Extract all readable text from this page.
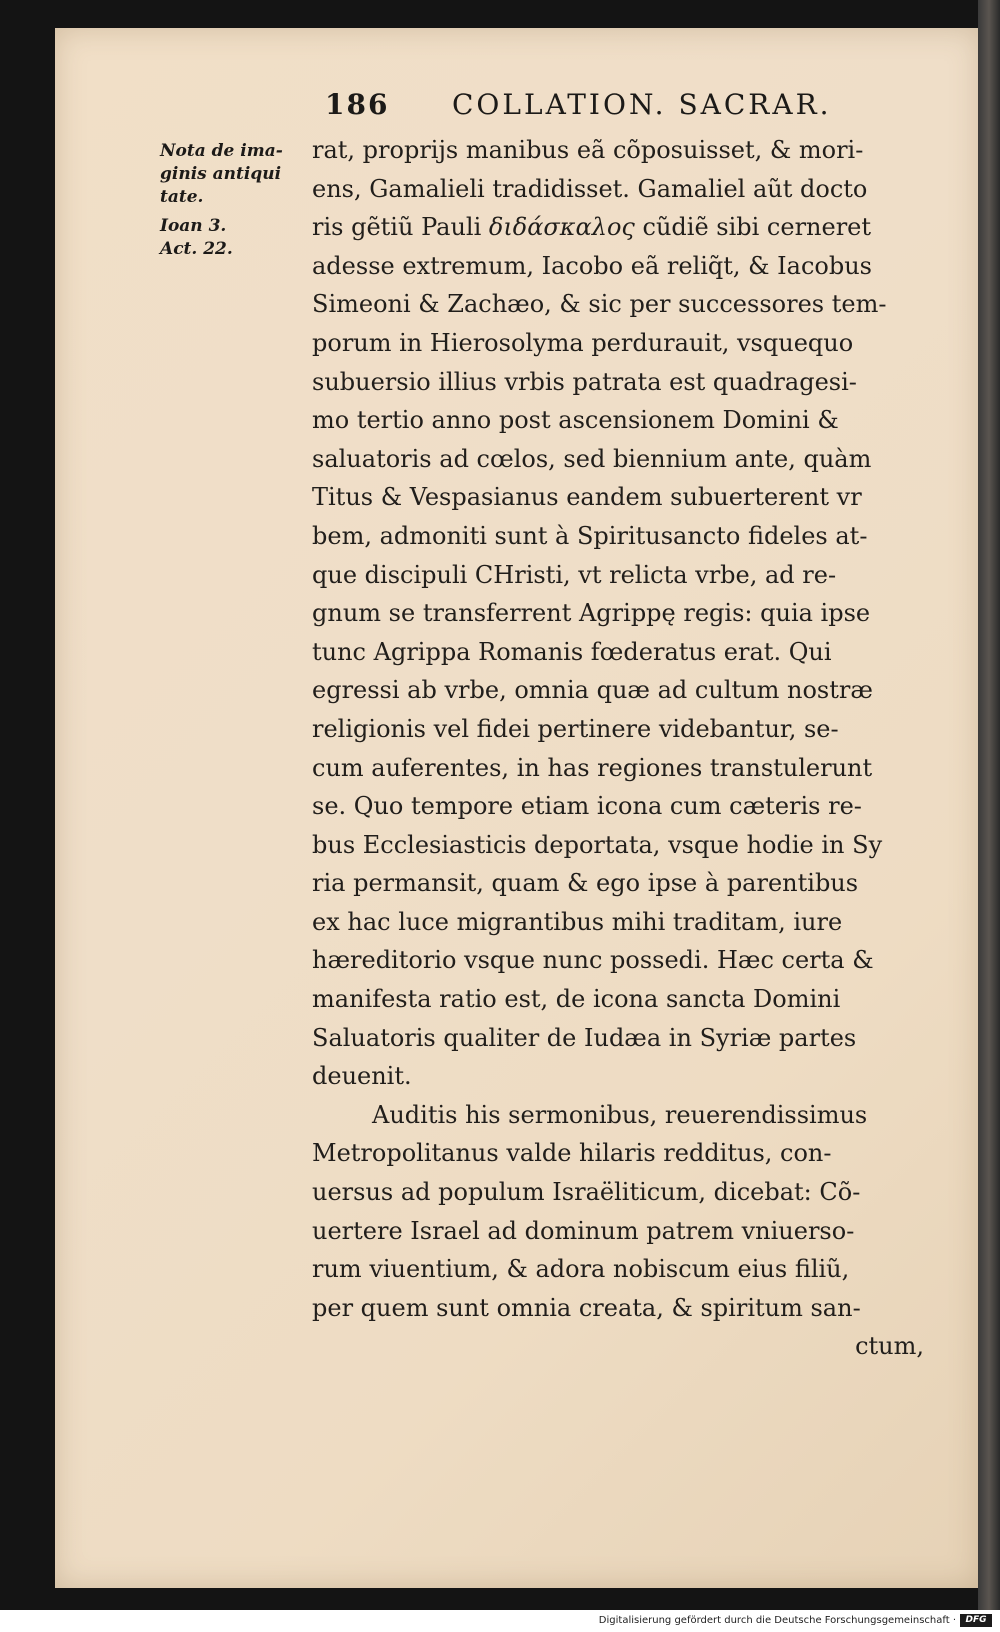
186 COLLATION. SACRAR.
Nota de ima-
ginis antiqui
tate.
Ioan 3.
Act. 22.
rat, proprijs manibus eã cõposuisset, & mori-
ens, Gamalieli tradidisset. Gamaliel aũt docto
ris gẽtiũ Pauli διδάσκαλος cũdiẽ sibi cerneret
adesse extremum, Iacobo eã reliq̃t, & Iacobus
Simeoni & Zachæo, & sic per successores tem-
porum in Hierosolyma perdurauit, vsquequo
subuersio illius vrbis patrata est quadragesi-
mo tertio anno post ascensionem Domini &
saluatoris ad cœlos, sed biennium ante, quàm
Titus & Vespasianus eandem subuerterent vr
bem, admoniti sunt à Spiritusancto fideles at-
que discipuli CHristi, vt relicta vrbe, ad re-
gnum se transferrent Agrippę regis: quia ipse
tunc Agrippa Romanis fœderatus erat. Qui
egressi ab vrbe, omnia quæ ad cultum nostræ
religionis vel fidei pertinere videbantur, se-
cum auferentes, in has regiones transtulerunt
se. Quo tempore etiam icona cum cæteris re-
bus Ecclesiasticis deportata, vsque hodie in Sy
ria permansit, quam & ego ipse à parentibus
ex hac luce migrantibus mihi traditam, iure
hæreditorio vsque nunc possedi. Hæc certa &
manifesta ratio est, de icona sancta Domini
Saluatoris qualiter de Iudæa in Syriæ partes
deuenit.
Auditis his sermonibus, reuerendissimus
Metropolitanus valde hilaris redditus, con-
uersus ad populum Israëliticum, dicebat: Cõ-
uertere Israel ad dominum patrem vniuerso-
rum viuentium, & adora nobiscum eius filiũ,
per quem sunt omnia creata, & spiritum san-
ctum,
Digitalisierung gefördert durch die Deutsche Forschungsgemeinschaft ·	DFG
